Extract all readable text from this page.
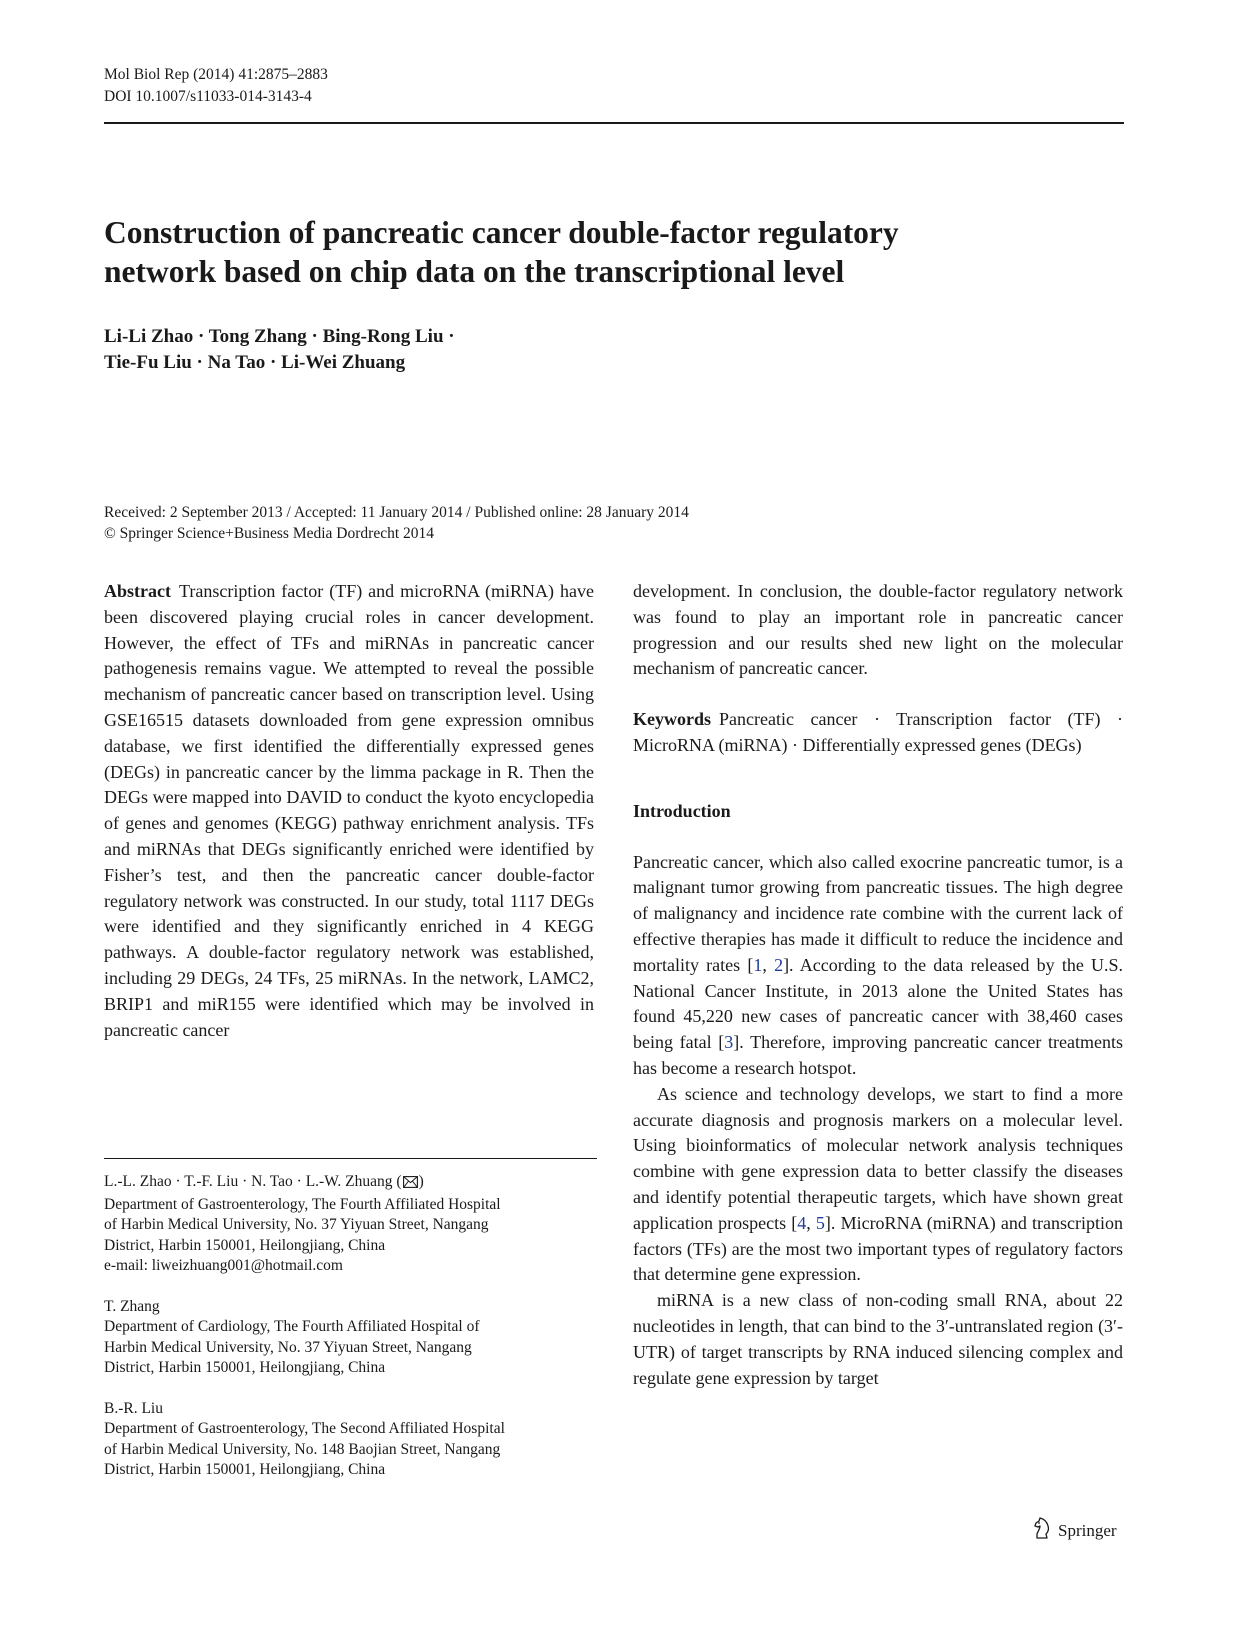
Mol Biol Rep (2014) 41:2875–2883
DOI 10.1007/s11033-014-3143-4
Construction of pancreatic cancer double-factor regulatory
network based on chip data on the transcriptional level
Li-Li Zhao · Tong Zhang · Bing-Rong Liu ·
Tie-Fu Liu · Na Tao · Li-Wei Zhuang
Received: 2 September 2013 / Accepted: 11 January 2014 / Published online: 28 January 2014
© Springer Science+Business Media Dordrecht 2014

Abstract Transcription factor (TF) and microRNA (miRNA) have been discovered playing crucial roles in cancer development. However, the effect of TFs and miRNAs in pancreatic cancer pathogenesis remains vague. We attempted to reveal the possible mechanism of pancreatic cancer based on transcription level. Using GSE16515 datasets downloaded from gene expression omnibus database, we first identified the differentially expressed genes (DEGs) in pancreatic cancer by the limma package in R. Then the DEGs were mapped into DAVID to conduct the kyoto encyclopedia of genes and genomes (KEGG) pathway enrichment analysis. TFs and miRNAs that DEGs significantly enriched were identified by Fisher’s test, and then the pancreatic cancer double-factor regulatory network was constructed. In our study, total 1117 DEGs were identified and they significantly enriched in 4 KEGG pathways. A double-factor regulatory network was established, including 29 DEGs, 24 TFs, 25 miRNAs. In the network, LAMC2, BRIP1 and miR155 were identified which may be involved in pancreatic cancer

development. In conclusion, the double-factor regulatory network was found to play an important role in pancreatic cancer progression and our results shed new light on the molecular mechanism of pancreatic cancer.

Keywords Pancreatic cancer · Transcription factor (TF) · MicroRNA (miRNA) · Differentially expressed genes (DEGs)

Introduction

Pancreatic cancer, which also called exocrine pancreatic tumor, is a malignant tumor growing from pancreatic tissues. The high degree of malignancy and incidence rate combine with the current lack of effective therapies has made it difficult to reduce the incidence and mortality rates [1, 2]. According to the data released by the U.S. National Cancer Institute, in 2013 alone the United States has found 45,220 new cases of pancreatic cancer with 38,460 cases being fatal [3]. Therefore, improving pancreatic cancer treatments has become a research hotspot.

As science and technology develops, we start to find a more accurate diagnosis and prognosis markers on a molecular level. Using bioinformatics of molecular network analysis techniques combine with gene expression data to better classify the diseases and identify potential therapeutic targets, which have shown great application prospects [4, 5]. MicroRNA (miRNA) and transcription factors (TFs) are the most two important types of regulatory factors that determine gene expression.

miRNA is a new class of non-coding small RNA, about 22 nucleotides in length, that can bind to the 3′-untranslated region (3′-UTR) of target transcripts by RNA induced silencing complex and regulate gene expression by target

L.-L. Zhao · T.-F. Liu · N. Tao · L.-W. Zhuang ( )
Department of Gastroenterology, The Fourth Affiliated Hospital
of Harbin Medical University, No. 37 Yiyuan Street, Nangang
District, Harbin 150001, Heilongjiang, China
e-mail: liweizhuang001@hotmail.com
T. Zhang
Department of Cardiology, The Fourth Affiliated Hospital of
Harbin Medical University, No. 37 Yiyuan Street, Nangang
District, Harbin 150001, Heilongjiang, China
B.-R. Liu
Department of Gastroenterology, The Second Affiliated Hospital
of Harbin Medical University, No. 148 Baojian Street, Nangang
District, Harbin 150001, Heilongjiang, China
Springer
